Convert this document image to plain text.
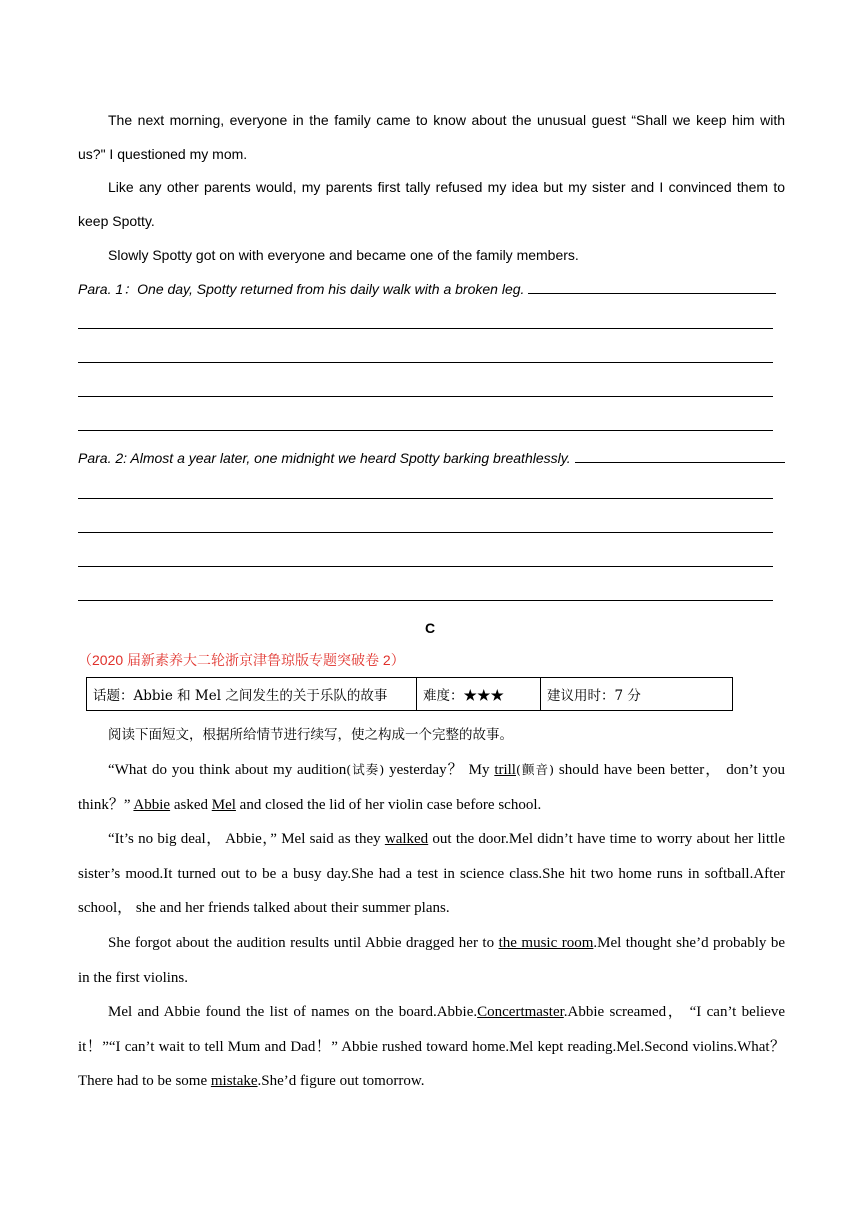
The next morning, everyone in the family came to know about the unusual guest “Shall we keep him with us?" I questioned my mom.

Like any other parents would, my parents first tally refused my idea but my sister and I convinced them to keep Spotty.

Slowly Spotty got on with everyone and became one of the family members.

Para. 1：One day, Spotty returned from his daily walk with a broken leg.
Para. 2: Almost a year later, one midnight we heard Spotty barking breathlessly.
C
（2020 届新素养大二轮浙京津鲁琼版专题突破卷 2）
话题：Abbie 和 Mel 之间发生的关于乐队的故事	难度：★★★	建议用时：7 分
阅读下面短文，根据所给情节进行续写，使之构成一个完整的故事。

“What do you think about my audition(试奏) yesterday？ My trill(颤音) should have been better， don’t you think？” Abbie asked Mel and closed the lid of her violin case before school.

“It’s no big deal， Abbie，” Mel said as they walked out the door.Mel didn’t have time to worry about her little sister’s mood.It turned out to be a busy day.She had a test in science class.She hit two home runs in softball.After school， she and her friends talked about their summer plans.

She forgot about the audition results until Abbie dragged her to the music room.Mel thought she’d probably be in the first violins.

Mel and Abbie found the list of names on the board.Abbie.Concertmaster.Abbie screamed， “I can’t believe it！”“I can’t wait to tell Mum and Dad！” Abbie rushed toward home.Mel kept reading.Mel.Second violins.What？ There had to be some mistake.She’d figure out tomorrow.
